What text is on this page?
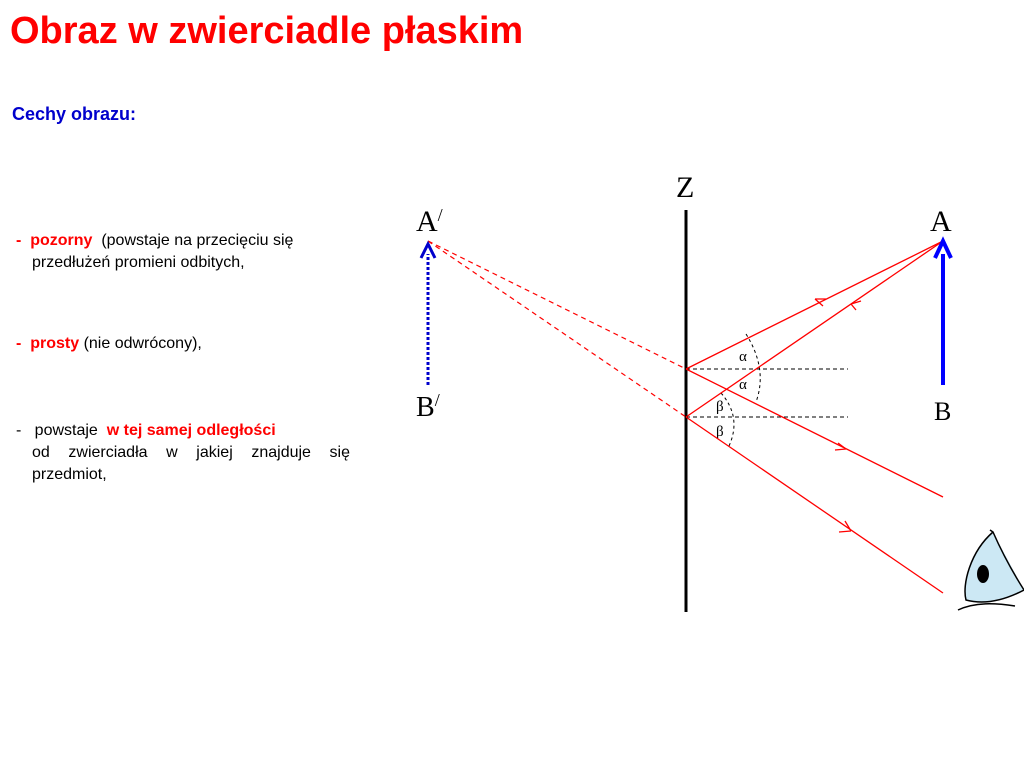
Obraz w zwierciadle płaskim
Cechy obrazu:
- pozorny (powstaje na przecięciu się
przedłużeń promieni odbitych,
- prosty (nie odwrócony),
- powstaje w tej samej odległości
od zwierciadła w jakiej znajduje się przedmiot,
Z
α
α
β
β
A
B
A/
B/
